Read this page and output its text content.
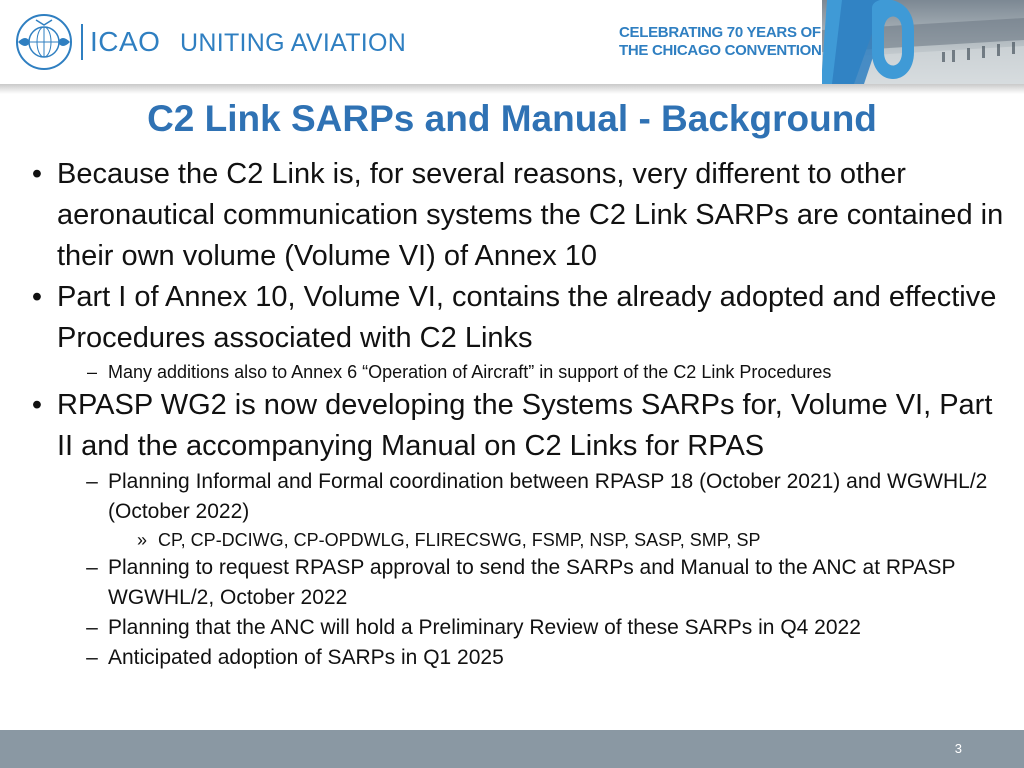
ICAO UNITING AVIATION	CELEBRATING 70 YEARS OF
THE CHICAGO CONVENTION
C2 Link SARPs and Manual - Background
• Because the C2 Link is, for several reasons, very different to other aeronautical communication systems the C2 Link SARPs are contained in their own volume (Volume VI) of Annex 10
• Part I of Annex 10, Volume VI, contains the already adopted and effective Procedures associated with C2 Links
– Many additions also to Annex 6 “Operation of Aircraft” in support of the C2 Link Procedures
• RPASP WG2 is now developing the Systems SARPs for, Volume VI, Part II and the accompanying Manual on C2 Links for RPAS
– Planning Informal and Formal coordination between RPASP 18 (October 2021) and WGWHL/2 (October 2022)
» CP, CP-DCIWG, CP-OPDWLG, FLIRECSWG, FSMP, NSP, SASP, SMP, SP
– Planning to request RPASP approval to send the SARPs and Manual to the ANC at RPASP WGWHL/2, October 2022
– Planning that the ANC will hold a Preliminary Review of these SARPs in Q4 2022
– Anticipated adoption of SARPs in Q1 2025
3
